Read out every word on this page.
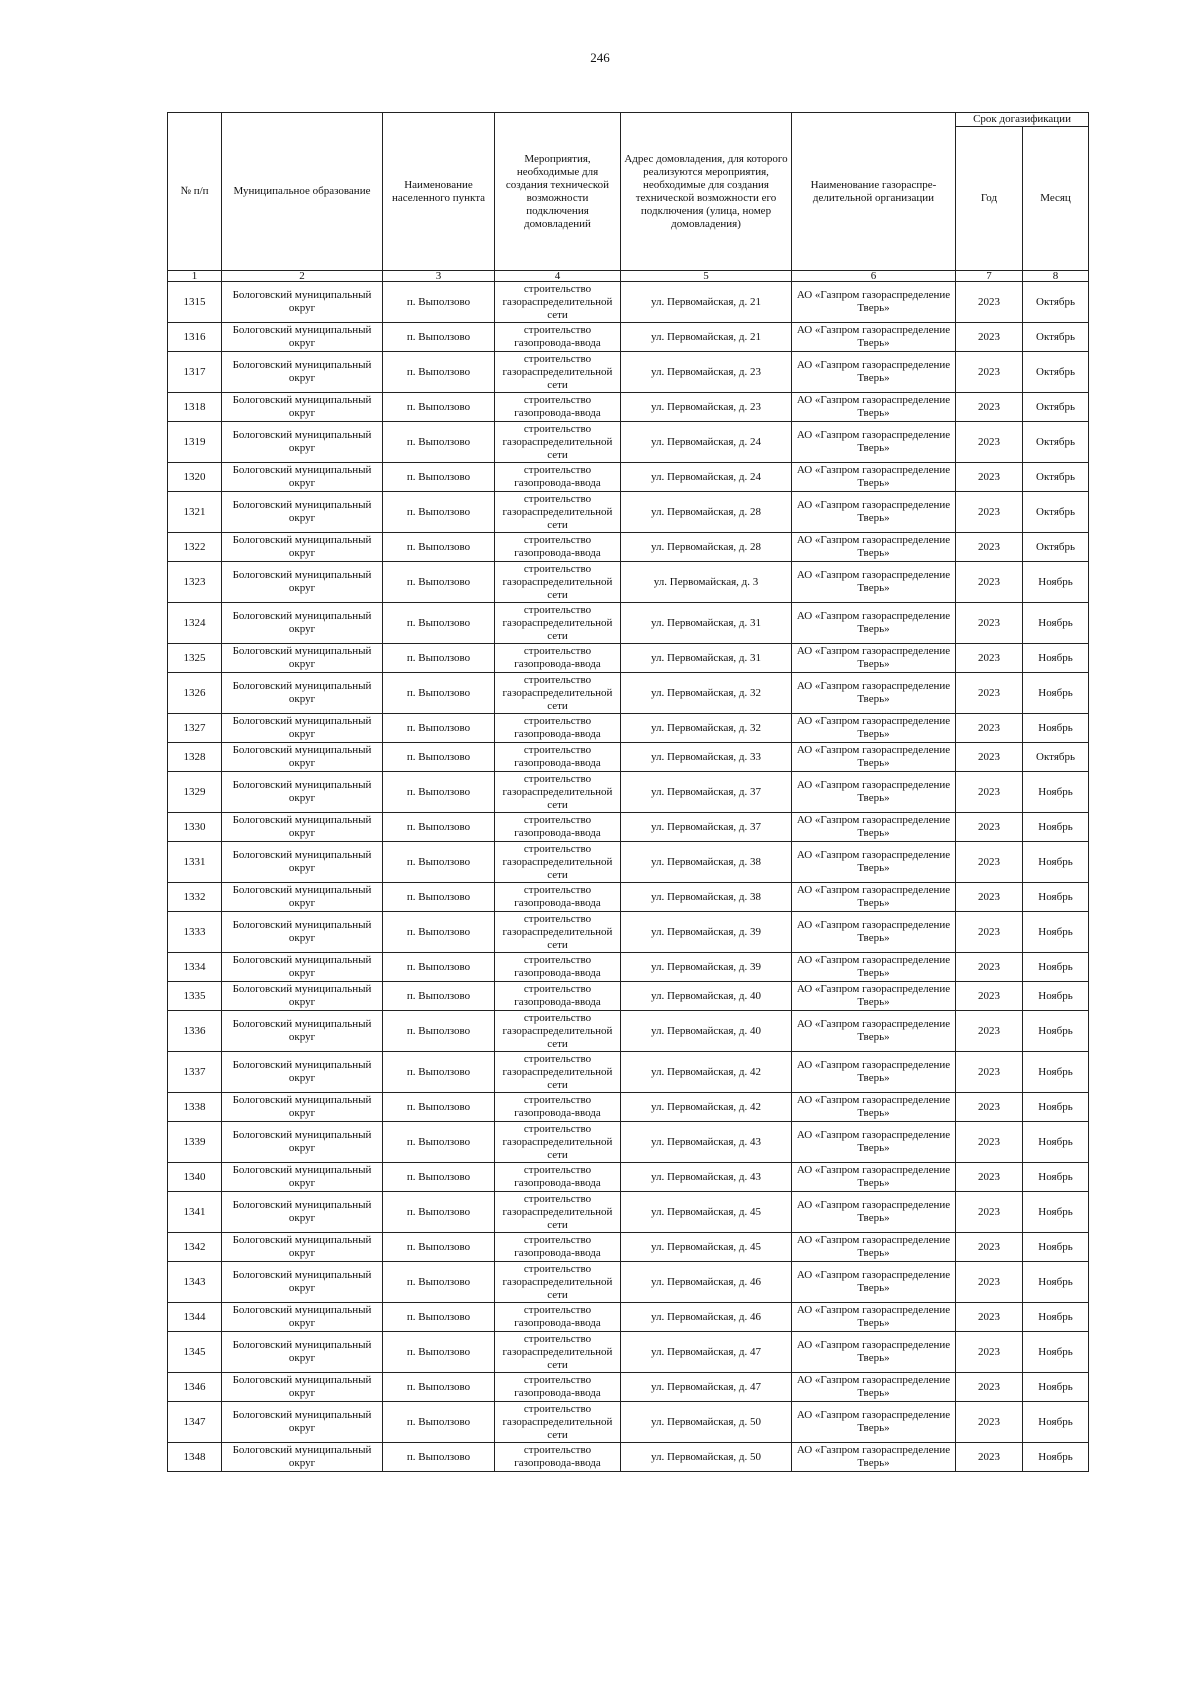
246
№ п/п	Муниципальное образование	Наименование населенного пункта	Мероприятия, необходимые для создания технической возможности подключения домовладений	Адрес домовладения, для которого реализуются мероприятия, необходимые для создания технической возможности его подключения (улица, номер домовладения)	Наименование газораспре-делительной организации	Срок догазификации	
						Год	Месяц
1	2	3	4	5	6	7	8
1315	Бологовский муниципальный округ	п. Выползово	строительство газораспределительной сети	ул. Первомайская, д. 21	АО «Газпром газораспределение Тверь»	2023	Октябрь
1316	Бологовский муниципальный округ	п. Выползово	строительство газопровода-ввода	ул. Первомайская, д. 21	АО «Газпром газораспределение Тверь»	2023	Октябрь
1317	Бологовский муниципальный округ	п. Выползово	строительство газораспределительной сети	ул. Первомайская, д. 23	АО «Газпром газораспределение Тверь»	2023	Октябрь
1318	Бологовский муниципальный округ	п. Выползово	строительство газопровода-ввода	ул. Первомайская, д. 23	АО «Газпром газораспределение Тверь»	2023	Октябрь
1319	Бологовский муниципальный округ	п. Выползово	строительство газораспределительной сети	ул. Первомайская, д. 24	АО «Газпром газораспределение Тверь»	2023	Октябрь
1320	Бологовский муниципальный округ	п. Выползово	строительство газопровода-ввода	ул. Первомайская, д. 24	АО «Газпром газораспределение Тверь»	2023	Октябрь
1321	Бологовский муниципальный округ	п. Выползово	строительство газораспределительной сети	ул. Первомайская, д. 28	АО «Газпром газораспределение Тверь»	2023	Октябрь
1322	Бологовский муниципальный округ	п. Выползово	строительство газопровода-ввода	ул. Первомайская, д. 28	АО «Газпром газораспределение Тверь»	2023	Октябрь
1323	Бологовский муниципальный округ	п. Выползово	строительство газораспределительной сети	ул. Первомайская, д. 3	АО «Газпром газораспределение Тверь»	2023	Ноябрь
1324	Бологовский муниципальный округ	п. Выползово	строительство газораспределительной сети	ул. Первомайская, д. 31	АО «Газпром газораспределение Тверь»	2023	Ноябрь
1325	Бологовский муниципальный округ	п. Выползово	строительство газопровода-ввода	ул. Первомайская, д. 31	АО «Газпром газораспределение Тверь»	2023	Ноябрь
1326	Бологовский муниципальный округ	п. Выползово	строительство газораспределительной сети	ул. Первомайская, д. 32	АО «Газпром газораспределение Тверь»	2023	Ноябрь
1327	Бологовский муниципальный округ	п. Выползово	строительство газопровода-ввода	ул. Первомайская, д. 32	АО «Газпром газораспределение Тверь»	2023	Ноябрь
1328	Бологовский муниципальный округ	п. Выползово	строительство газопровода-ввода	ул. Первомайская, д. 33	АО «Газпром газораспределение Тверь»	2023	Октябрь
1329	Бологовский муниципальный округ	п. Выползово	строительство газораспределительной сети	ул. Первомайская, д. 37	АО «Газпром газораспределение Тверь»	2023	Ноябрь
1330	Бологовский муниципальный округ	п. Выползово	строительство газопровода-ввода	ул. Первомайская, д. 37	АО «Газпром газораспределение Тверь»	2023	Ноябрь
1331	Бологовский муниципальный округ	п. Выползово	строительство газораспределительной сети	ул. Первомайская, д. 38	АО «Газпром газораспределение Тверь»	2023	Ноябрь
1332	Бологовский муниципальный округ	п. Выползово	строительство газопровода-ввода	ул. Первомайская, д. 38	АО «Газпром газораспределение Тверь»	2023	Ноябрь
1333	Бологовский муниципальный округ	п. Выползово	строительство газораспределительной сети	ул. Первомайская, д. 39	АО «Газпром газораспределение Тверь»	2023	Ноябрь
1334	Бологовский муниципальный округ	п. Выползово	строительство газопровода-ввода	ул. Первомайская, д. 39	АО «Газпром газораспределение Тверь»	2023	Ноябрь
1335	Бологовский муниципальный округ	п. Выползово	строительство газопровода-ввода	ул. Первомайская, д. 40	АО «Газпром газораспределение Тверь»	2023	Ноябрь
1336	Бологовский муниципальный округ	п. Выползово	строительство газораспределительной сети	ул. Первомайская, д. 40	АО «Газпром газораспределение Тверь»	2023	Ноябрь
1337	Бологовский муниципальный округ	п. Выползово	строительство газораспределительной сети	ул. Первомайская, д. 42	АО «Газпром газораспределение Тверь»	2023	Ноябрь
1338	Бологовский муниципальный округ	п. Выползово	строительство газопровода-ввода	ул. Первомайская, д. 42	АО «Газпром газораспределение Тверь»	2023	Ноябрь
1339	Бологовский муниципальный округ	п. Выползово	строительство газораспределительной сети	ул. Первомайская, д. 43	АО «Газпром газораспределение Тверь»	2023	Ноябрь
1340	Бологовский муниципальный округ	п. Выползово	строительство газопровода-ввода	ул. Первомайская, д. 43	АО «Газпром газораспределение Тверь»	2023	Ноябрь
1341	Бологовский муниципальный округ	п. Выползово	строительство газораспределительной сети	ул. Первомайская, д. 45	АО «Газпром газораспределение Тверь»	2023	Ноябрь
1342	Бологовский муниципальный округ	п. Выползово	строительство газопровода-ввода	ул. Первомайская, д. 45	АО «Газпром газораспределение Тверь»	2023	Ноябрь
1343	Бологовский муниципальный округ	п. Выползово	строительство газораспределительной сети	ул. Первомайская, д. 46	АО «Газпром газораспределение Тверь»	2023	Ноябрь
1344	Бологовский муниципальный округ	п. Выползово	строительство газопровода-ввода	ул. Первомайская, д. 46	АО «Газпром газораспределение Тверь»	2023	Ноябрь
1345	Бологовский муниципальный округ	п. Выползово	строительство газораспределительной сети	ул. Первомайская, д. 47	АО «Газпром газораспределение Тверь»	2023	Ноябрь
1346	Бологовский муниципальный округ	п. Выползово	строительство газопровода-ввода	ул. Первомайская, д. 47	АО «Газпром газораспределение Тверь»	2023	Ноябрь
1347	Бологовский муниципальный округ	п. Выползово	строительство газораспределительной сети	ул. Первомайская, д. 50	АО «Газпром газораспределение Тверь»	2023	Ноябрь
1348	Бологовский муниципальный округ	п. Выползово	строительство газопровода-ввода	ул. Первомайская, д. 50	АО «Газпром газораспределение Тверь»	2023	Ноябрь
